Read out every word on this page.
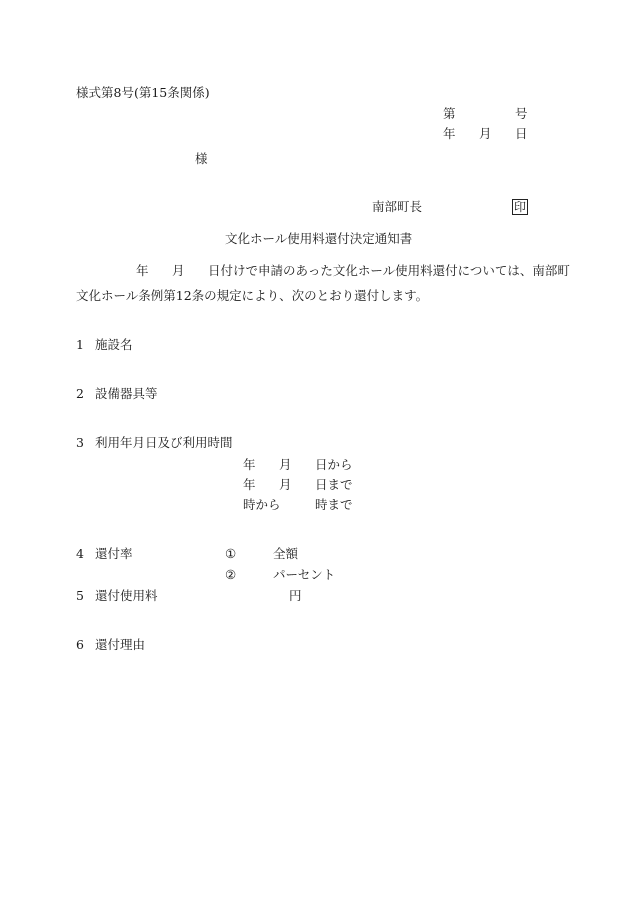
様式第8号(第15条関係)
第	号
年 月 日
様
南部町長	印
文化ホール使用料還付決定通知書
年 月 日付けで申請のあった文化ホール使用料還付については、南部町
文化ホール条例第12条の規定により、次のとおり還付します。
1 施設名
2 設備器具等
3 利用年月日及び利用時間
年 月 日から
年 月 日まで
時から	時まで
4 還付率	①	全額
②	パーセント
5 還付使用料	円
6 還付理由
